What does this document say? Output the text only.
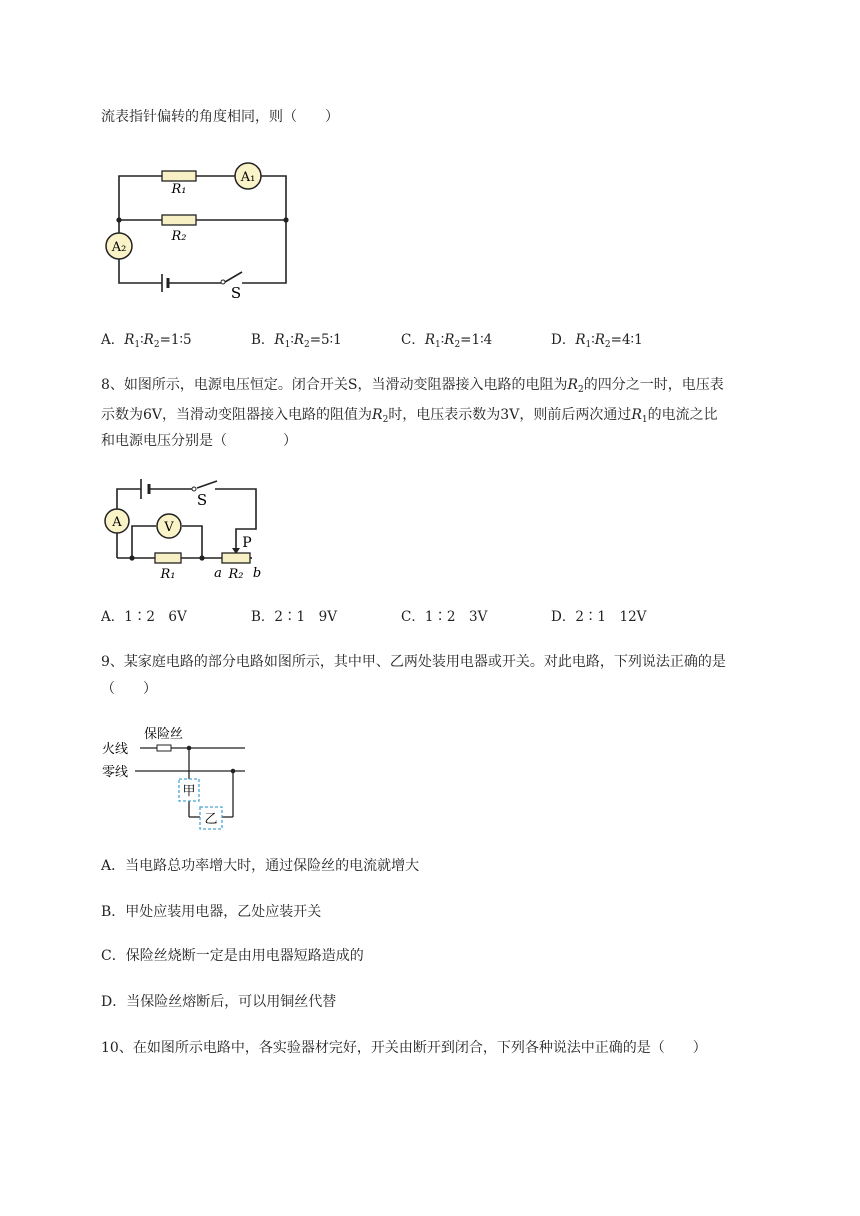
流表指针偏转的角度相同，则（　　）
A₁
A₂
R₁
R₂
S
A．$R_1∶R_2=1∶5$	B．$R_1∶R_2=5∶1$	C．$R_1∶R_2=1∶4$	D．$R_1∶R_2=4∶1$
8、如图所示，电源电压恒定。闭合开关S，当滑动变阻器接入电路的电阻为$R_2$的四分之一时，电压表
示数为6V，当滑动变阻器接入电路的阻值为$R_2$时，电压表示数为3V，则前后两次通过$R_1$的电流之比
和电源电压分别是（　　　　）
A	V
S
P
R₁	R₂
a b
A．1∶2　6V	B．2∶1　9V	C．1∶2　3V	D．2∶1　12V
9、某家庭电路的部分电路如图所示，其中甲、乙两处装用电器或开关。对此电路，下列说法正确的是
（　　）
保险丝
火线
零线
甲
乙
A．当电路总功率增大时，通过保险丝的电流就增大
B．甲处应装用电器，乙处应装开关
C．保险丝烧断一定是由用电器短路造成的
D．当保险丝熔断后，可以用铜丝代替
10、在如图所示电路中，各实验器材完好，开关由断开到闭合，下列各种说法中正确的是（　　）
